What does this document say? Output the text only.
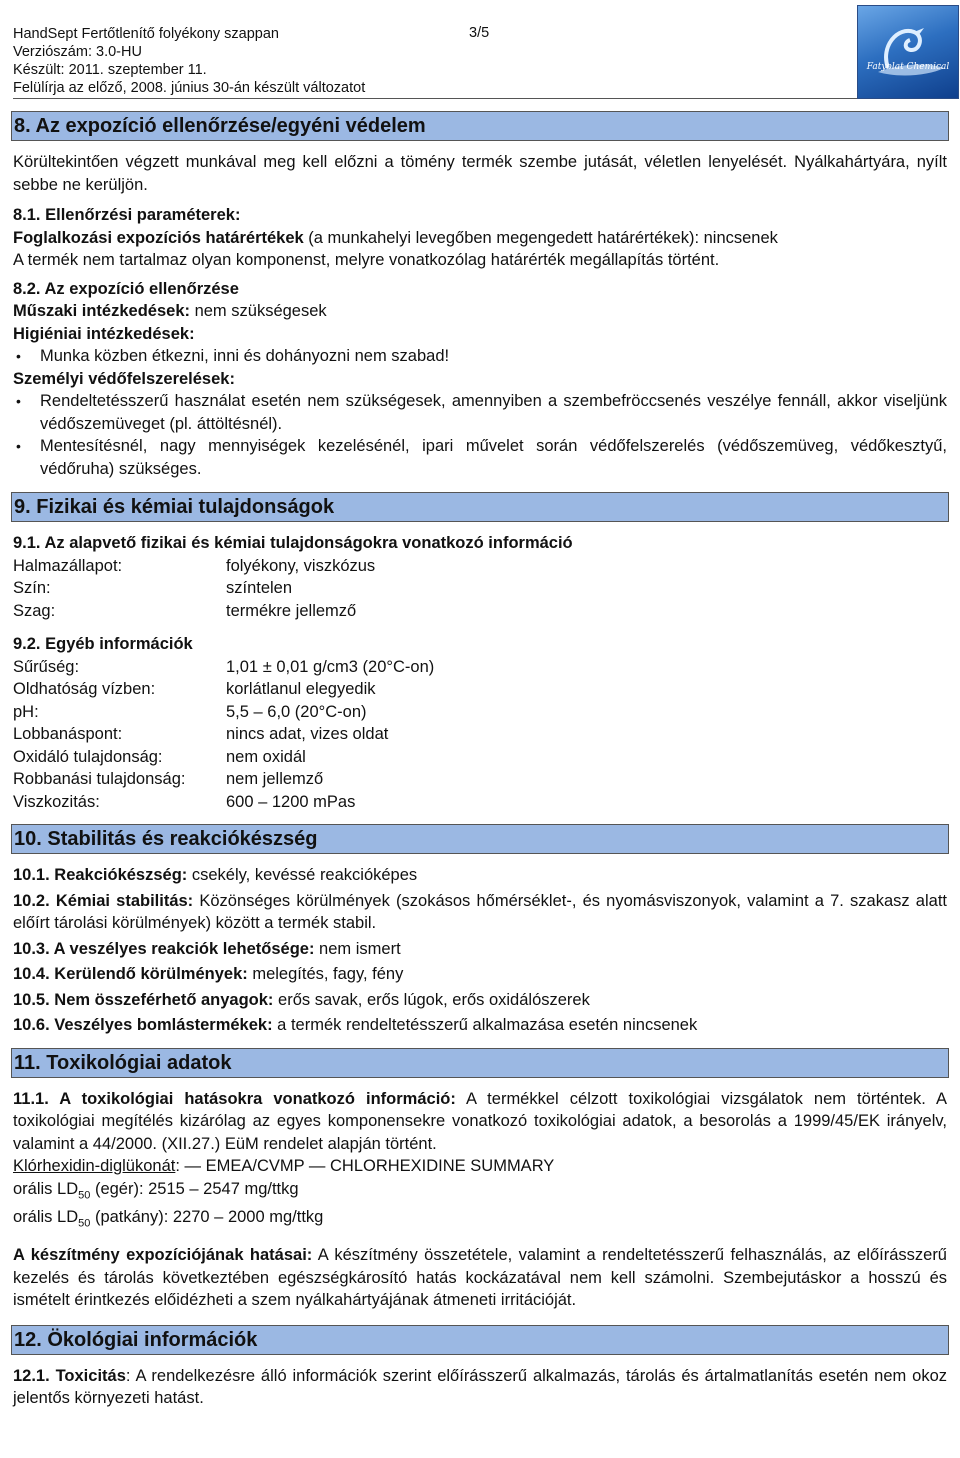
HandSept Fertőtlenítő folyékony szappan	3/5
Verziószám: 3.0-HU
Készült: 2011. szeptember 11.
Felülírja az előző, 2008. június 30-án készült változatot
Fatyolat Chemical
8. Az expozíció ellenőrzése/egyéni védelem

Körültekintően végzett munkával meg kell előzni a tömény termék szembe jutását, véletlen lenyelését. Nyálkahártyára, nyílt sebbe ne kerüljön.

8.1. Ellenőrzési paraméterek:

Foglalkozási expozíciós határértékek (a munkahelyi levegőben megengedett határértékek): nincsenek

A termék nem tartalmaz olyan komponenst, melyre vonatkozólag határérték megállapítás történt.

8.2. Az expozíció ellenőrzése

Műszaki intézkedések: nem szükségesek

Higiéniai intézkedések:

• Munka közben étkezni, inni és dohányozni nem szabad!

Személyi védőfelszerelések:

• Rendeltetésszerű használat esetén nem szükségesek, amennyiben a szembefröccsenés veszélye fennáll, akkor viseljünk védőszemüveget (pl. áttöltésnél).
• Mentesítésnél, nagy mennyiségek kezelésénél, ipari művelet során védőfelszerelés (védőszemüveg, védőkesztyű, védőruha) szükséges.
9. Fizikai és kémiai tulajdonságok

9.1. Az alapvető fizikai és kémiai tulajdonságokra vonatkozó információ

Halmazállapot:	folyékony, viszkózus
Szín:	színtelen
Szag:	termékre jellemző

9.2. Egyéb információk

Sűrűség:	1,01 ± 0,01 g/cm3 (20°C-on)
Oldhatóság vízben:	korlátlanul elegyedik
pH:	5,5 – 6,0 (20°C-on)
Lobbanáspont:	nincs adat, vizes oldat
Oxidáló tulajdonság:	nem oxidál
Robbanási tulajdonság:	nem jellemző
Viszkozitás:	600 – 1200 mPas
10. Stabilitás és reakciókészség

10.1. Reakciókészség: csekély, kevéssé reakcióképes

10.2. Kémiai stabilitás: Közönséges körülmények (szokásos hőmérséklet-, és nyomásviszonyok, valamint a 7. szakasz alatt előírt tárolási körülmények) között a termék stabil.

10.3. A veszélyes reakciók lehetősége: nem ismert

10.4. Kerülendő körülmények: melegítés, fagy, fény

10.5. Nem összeférhető anyagok: erős savak, erős lúgok, erős oxidálószerek

10.6. Veszélyes bomlástermékek: a termék rendeltetésszerű alkalmazása esetén nincsenek

11. Toxikológiai adatok

11.1. A toxikológiai hatásokra vonatkozó információ: A termékkel célzott toxikológiai vizsgálatok nem történtek. A toxikológiai megítélés kizárólag az egyes komponensekre vonatkozó toxikológiai adatok, a besorolás a 1999/45/EK irányelv, valamint a 44/2000. (XII.27.) EüM rendelet alapján történt.

Klórhexidin-diglükonát: — EMEA/CVMP — CHLORHEXIDINE SUMMARY

orális $LD_{50}$ (egér): 2515 – 2547 mg/ttkg

orális $LD_{50}$ (patkány): 2270 – 2000 mg/ttkg

A készítmény expozíciójának hatásai: A készítmény összetétele, valamint a rendeltetésszerű felhasználás, az előírásszerű kezelés és tárolás következtében egészségkárosító hatás kockázatával nem kell számolni. Szembejutáskor a hosszú és ismételt érintkezés előidézheti a szem nyálkahártyájának átmeneti irritációját.

12. Ökológiai információk

12.1. Toxicitás: A rendelkezésre álló információk szerint előírásszerű alkalmazás, tárolás és ártalmatlanítás esetén nem okoz jelentős környezeti hatást.
